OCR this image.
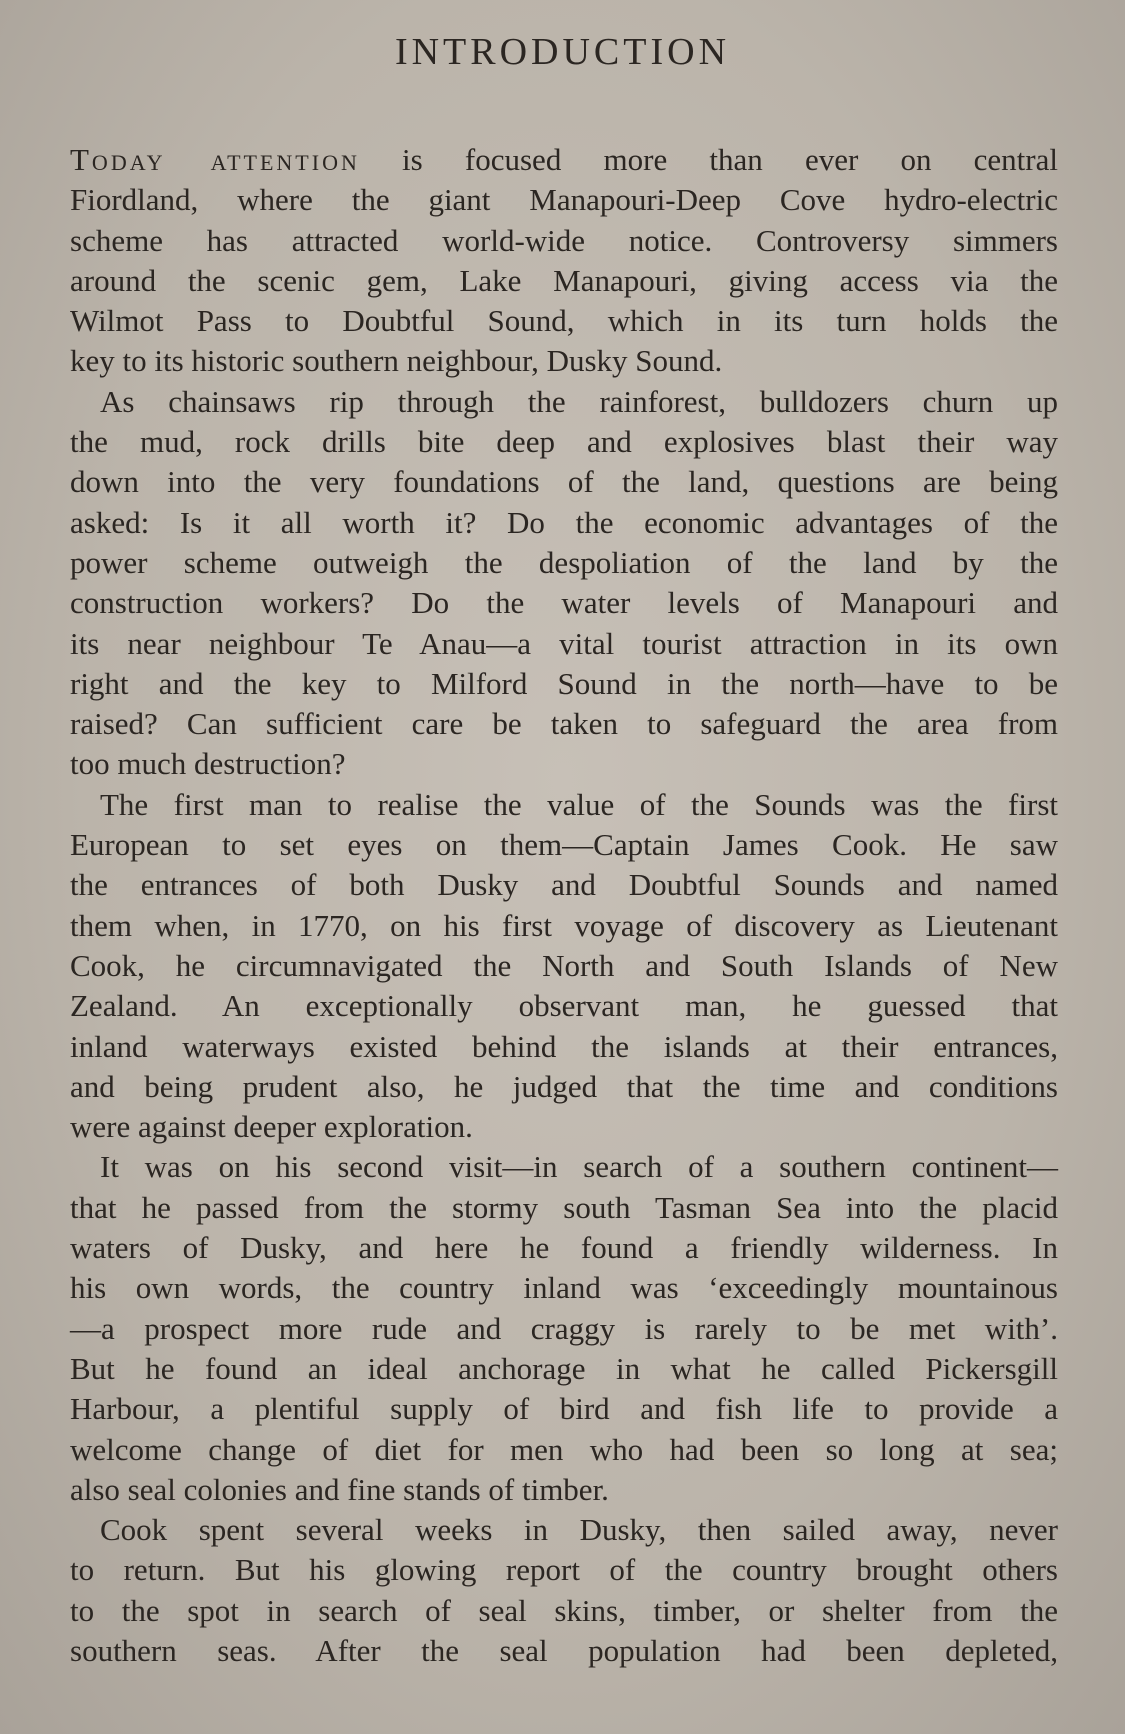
INTRODUCTION
Today attention is focused more than ever on central
Fiordland, where the giant Manapouri-Deep Cove hydro-electric
scheme has attracted world-wide notice. Controversy simmers
around the scenic gem, Lake Manapouri, giving access via the
Wilmot Pass to Doubtful Sound, which in its turn holds the
key to its historic southern neighbour, Dusky Sound.
As chainsaws rip through the rainforest, bulldozers churn up
the mud, rock drills bite deep and explosives blast their way
down into the very foundations of the land, questions are being
asked: Is it all worth it? Do the economic advantages of the
power scheme outweigh the despoliation of the land by the
construction workers? Do the water levels of Manapouri and
its near neighbour Te Anau—a vital tourist attraction in its own
right and the key to Milford Sound in the north—have to be
raised? Can sufficient care be taken to safeguard the area from
too much destruction?
The first man to realise the value of the Sounds was the first
European to set eyes on them—Captain James Cook. He saw
the entrances of both Dusky and Doubtful Sounds and named
them when, in 1770, on his first voyage of discovery as Lieutenant
Cook, he circumnavigated the North and South Islands of New
Zealand. An exceptionally observant man, he guessed that
inland waterways existed behind the islands at their entrances,
and being prudent also, he judged that the time and conditions
were against deeper exploration.
It was on his second visit—in search of a southern continent—
that he passed from the stormy south Tasman Sea into the placid
waters of Dusky, and here he found a friendly wilderness. In
his own words, the country inland was ‘exceedingly mountainous
—a prospect more rude and craggy is rarely to be met with’.
But he found an ideal anchorage in what he called Pickersgill
Harbour, a plentiful supply of bird and fish life to provide a
welcome change of diet for men who had been so long at sea;
also seal colonies and fine stands of timber.
Cook spent several weeks in Dusky, then sailed away, never
to return. But his glowing report of the country brought others
to the spot in search of seal skins, timber, or shelter from the
southern seas. After the seal population had been depleted,
